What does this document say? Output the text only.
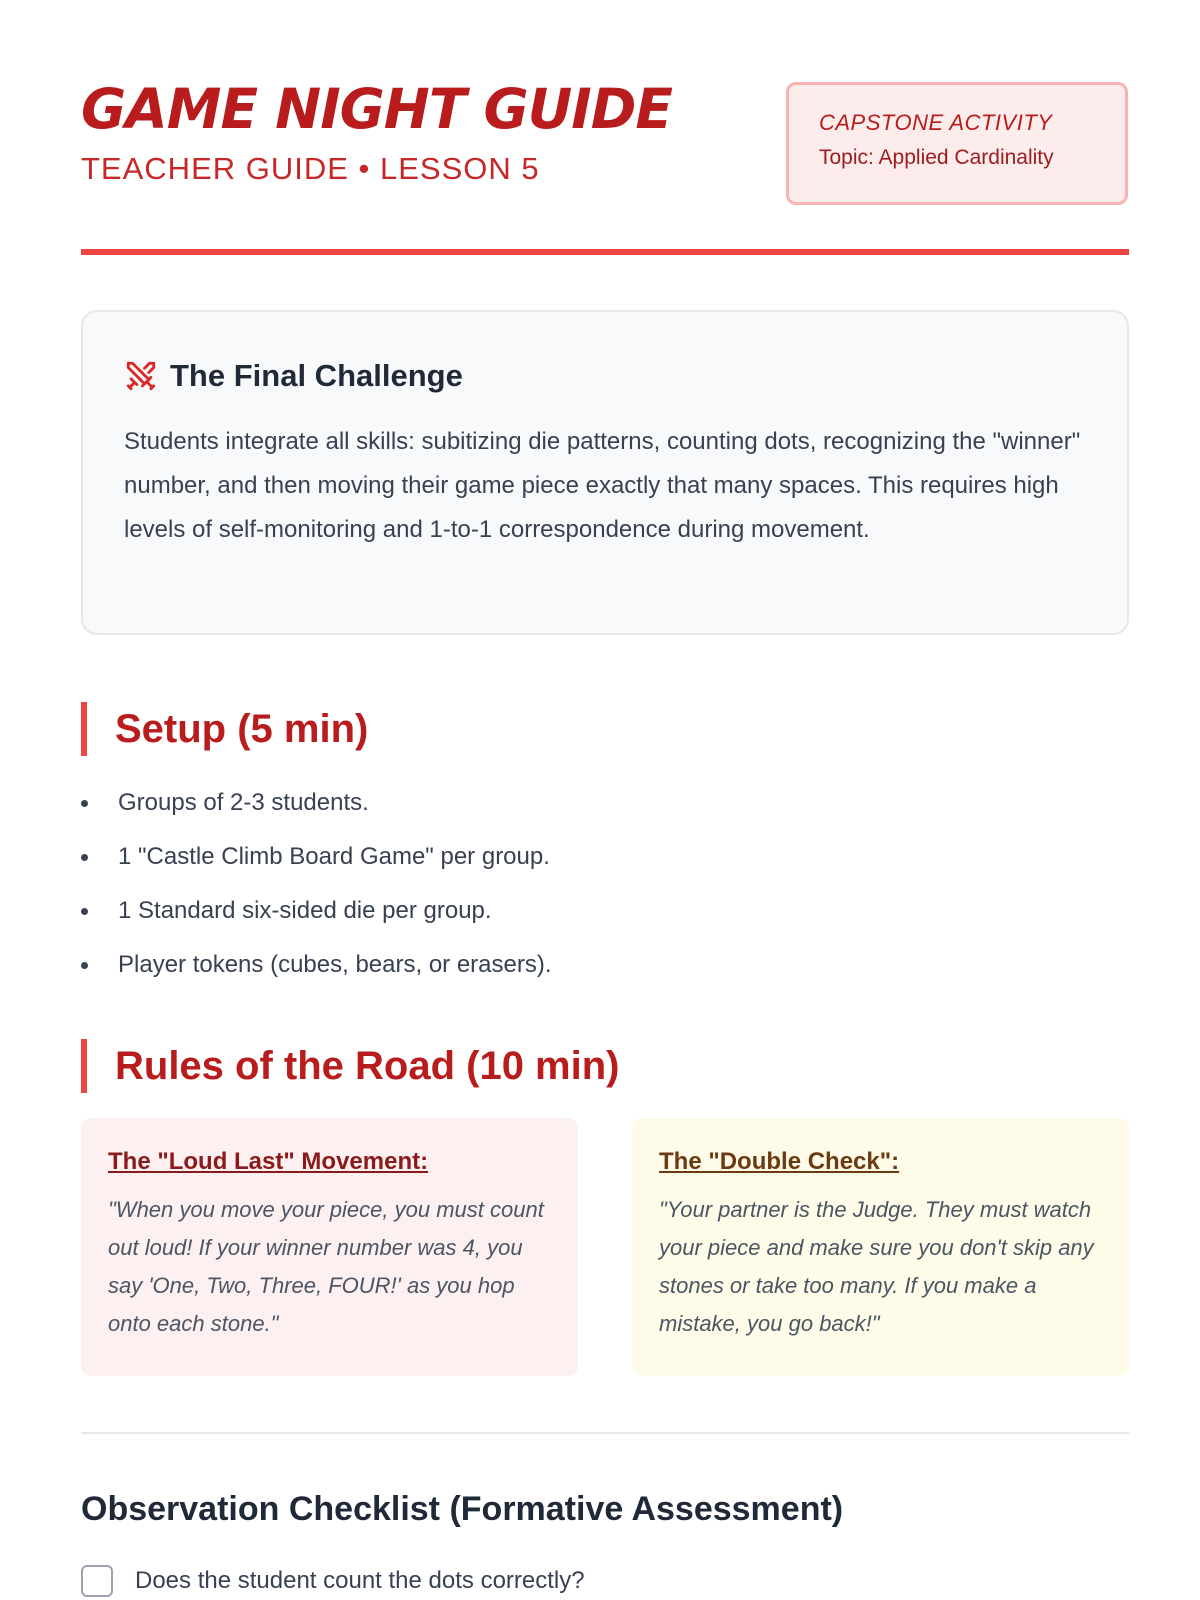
GAME NIGHT GUIDE
TEACHER GUIDE • LESSON 5
CAPSTONE ACTIVITY
Topic: Applied Cardinality
The Final Challenge

Students integrate all skills: subitizing die patterns, counting dots, recognizing the "winner" number, and then moving their game piece exactly that many spaces. This requires high levels of self-monitoring and 1-to-1 correspondence during movement.

Setup (5 min)
Groups of 2-3 students.
1 "Castle Climb Board Game" per group.
1 Standard six-sided die per group.
Player tokens (cubes, bears, or erasers).
Rules of the Road (10 min)
The "Loud Last" Movement:

"When you move your piece, you must count out loud! If your winner number was 4, you say 'One, Two, Three, FOUR!' as you hop onto each stone."

The "Double Check":

"Your partner is the Judge. They must watch your piece and make sure you don't skip any stones or take too many. If you make a mistake, you go back!"

Observation Checklist (Formative Assessment)
Does the student count the dots correctly?
